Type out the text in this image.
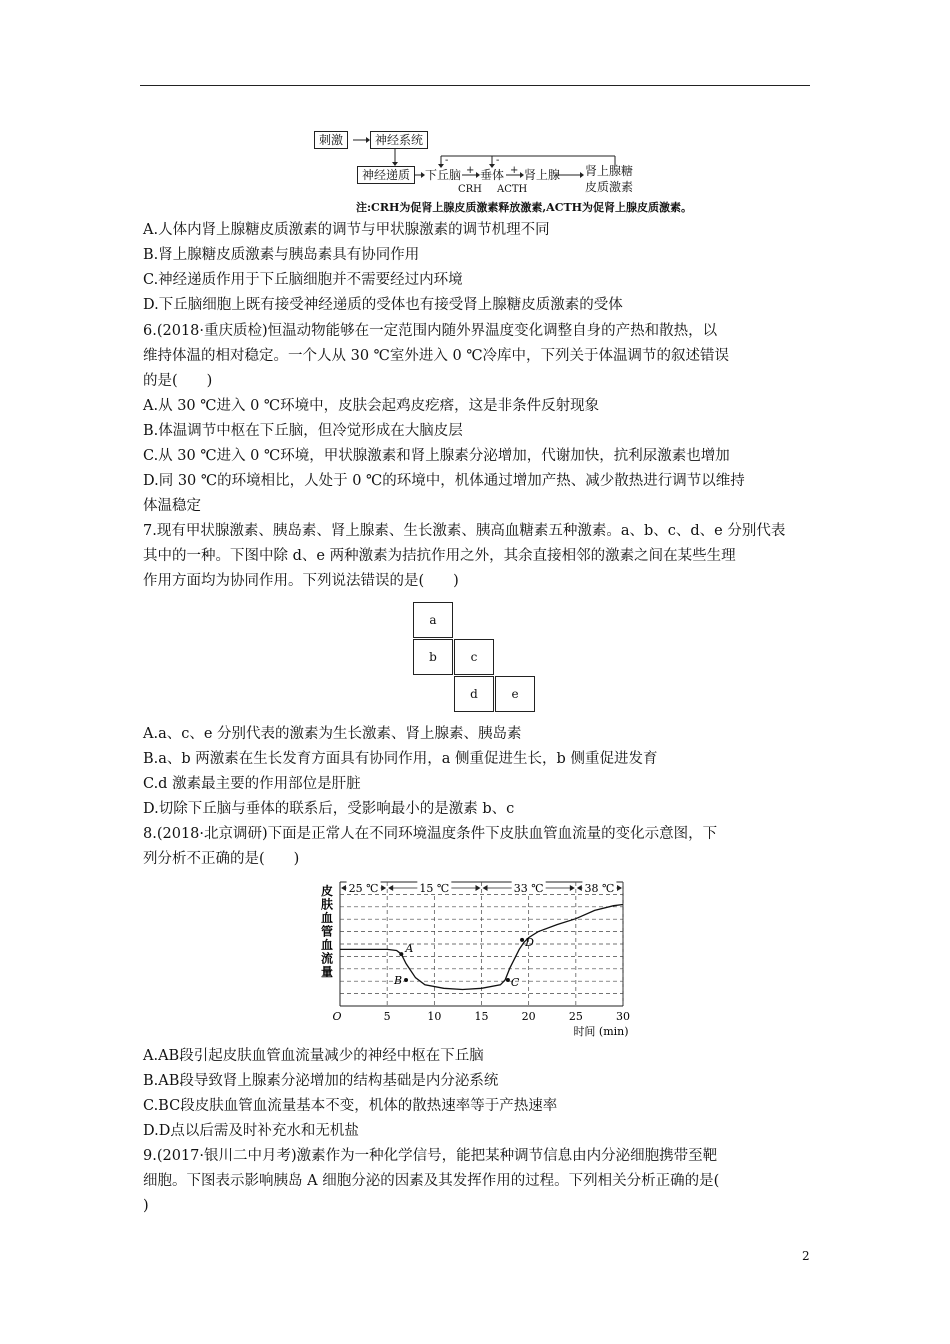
刺激	神经系统
神经递质	下丘脑 垂体 肾上腺 肾上腺糖
皮质激素
CRH ACTH
+	+
-	-
注:CRH为促肾上腺皮质激素释放激素,ACTH为促肾上腺皮质激素。
A.人体内肾上腺糖皮质激素的调节与甲状腺激素的调节机理不同
B.肾上腺糖皮质激素与胰岛素具有协同作用
C.神经递质作用于下丘脑细胞并不需要经过内环境
D.下丘脑细胞上既有接受神经递质的受体也有接受肾上腺糖皮质激素的受体
6.(2018·重庆质检)恒温动物能够在一定范围内随外界温度变化调整自身的产热和散热，以
维持体温的相对稳定。一个人从 30 ℃室外进入 0 ℃冷库中，下列关于体温调节的叙述错误
的是(　　)
A.从 30 ℃进入 0 ℃环境中，皮肤会起鸡皮疙瘩，这是非条件反射现象
B.体温调节中枢在下丘脑，但冷觉形成在大脑皮层
C.从 30 ℃进入 0 ℃环境，甲状腺激素和肾上腺素分泌增加，代谢加快，抗利尿激素也增加
D.同 30 ℃的环境相比，人处于 0 ℃的环境中，机体通过增加产热、减少散热进行调节以维持
体温稳定
7.现有甲状腺激素、胰岛素、肾上腺素、生长激素、胰高血糖素五种激素。a、b、c、d、e 分别代表
其中的一种。下图中除 d、e 两种激素为拮抗作用之外，其余直接相邻的激素之间在某些生理
作用方面均为协同作用。下列说法错误的是(　　)
a
b	c
d	e
A.a、c、e 分别代表的激素为生长激素、肾上腺素、胰岛素
B.a、b 两激素在生长发育方面具有协同作用，a 侧重促进生长，b 侧重促进发育
C.d 激素最主要的作用部位是肝脏
D.切除下丘脑与垂体的联系后，受影响最小的是激素 b、c
8.(2018·北京调研)下面是正常人在不同环境温度条件下皮肤血管血流量的变化示意图，下
列分析不正确的是(　　)
25 ℃	15 ℃	33 ℃	38 ℃
皮
肤
血
管
血
流
量
O	5	10	15	20	25	30
时间 (min)
A
B	C
D
A.AB段引起皮肤血管血流量减少的神经中枢在下丘脑
B.AB段导致肾上腺素分泌增加的结构基础是内分泌系统
C.BC段皮肤血管血流量基本不变，机体的散热速率等于产热速率
D.D点以后需及时补充水和无机盐
9.(2017·银川二中月考)激素作为一种化学信号，能把某种调节信息由内分泌细胞携带至靶
细胞。下图表示影响胰岛 A 细胞分泌的因素及其发挥作用的过程。下列相关分析正确的是(
)
2
